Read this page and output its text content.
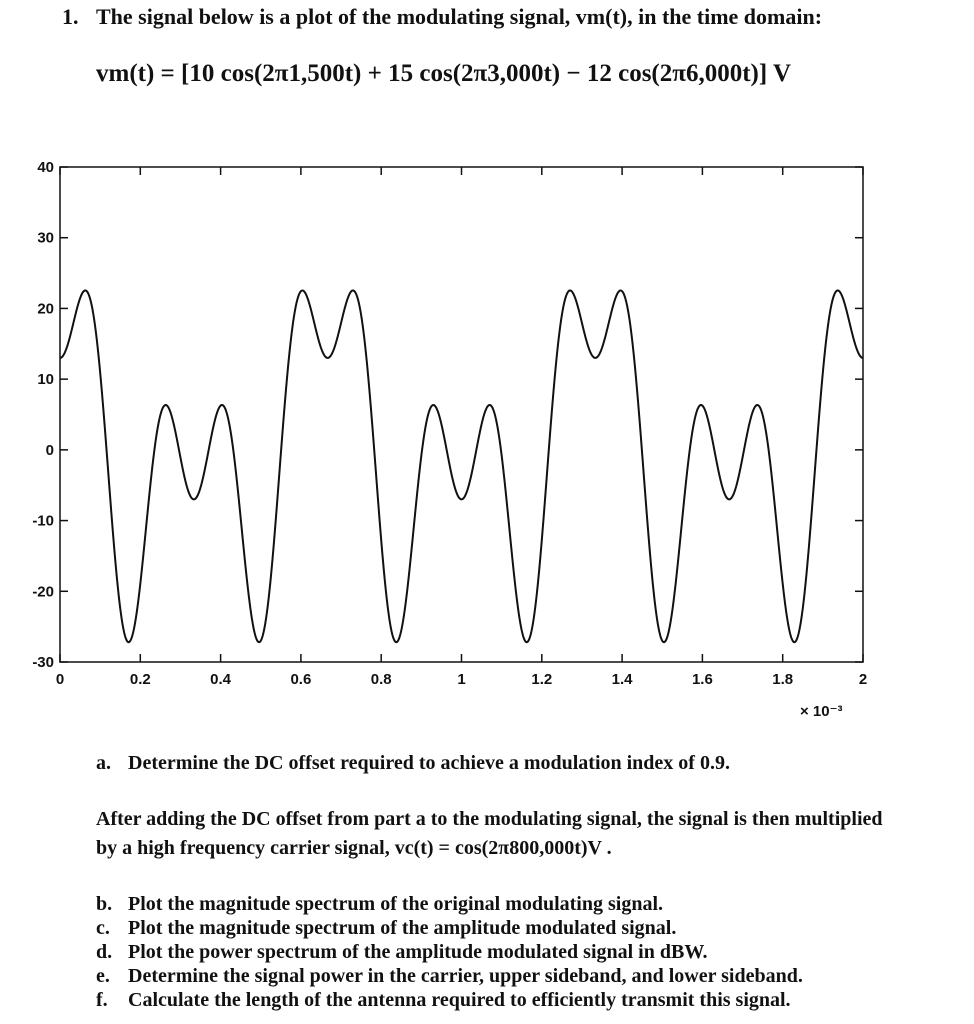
1. The signal below is a plot of the modulating signal, vm(t), in the time domain:
vm(t) = [10 cos(2π1,500t) + 15 cos(2π3,000t) − 12 cos(2π6,000t)] V
40
30
20
10
0
-10
-20
-30
0	0.2	0.4	0.6	0.8	1	1.2	1.4	1.6	1.8	2
× 10⁻³
a. Determine the DC offset required to achieve a modulation index of 0.9.
After adding the DC offset from part a to the modulating signal, the signal is then multiplied by a high frequency carrier signal, vc(t) = cos(2π800,000t)V .
b. Plot the magnitude spectrum of the original modulating signal.
c. Plot the magnitude spectrum of the amplitude modulated signal.
d. Plot the power spectrum of the amplitude modulated signal in dBW.
e. Determine the signal power in the carrier, upper sideband, and lower sideband.
f. Calculate the length of the antenna required to efficiently transmit this signal.
